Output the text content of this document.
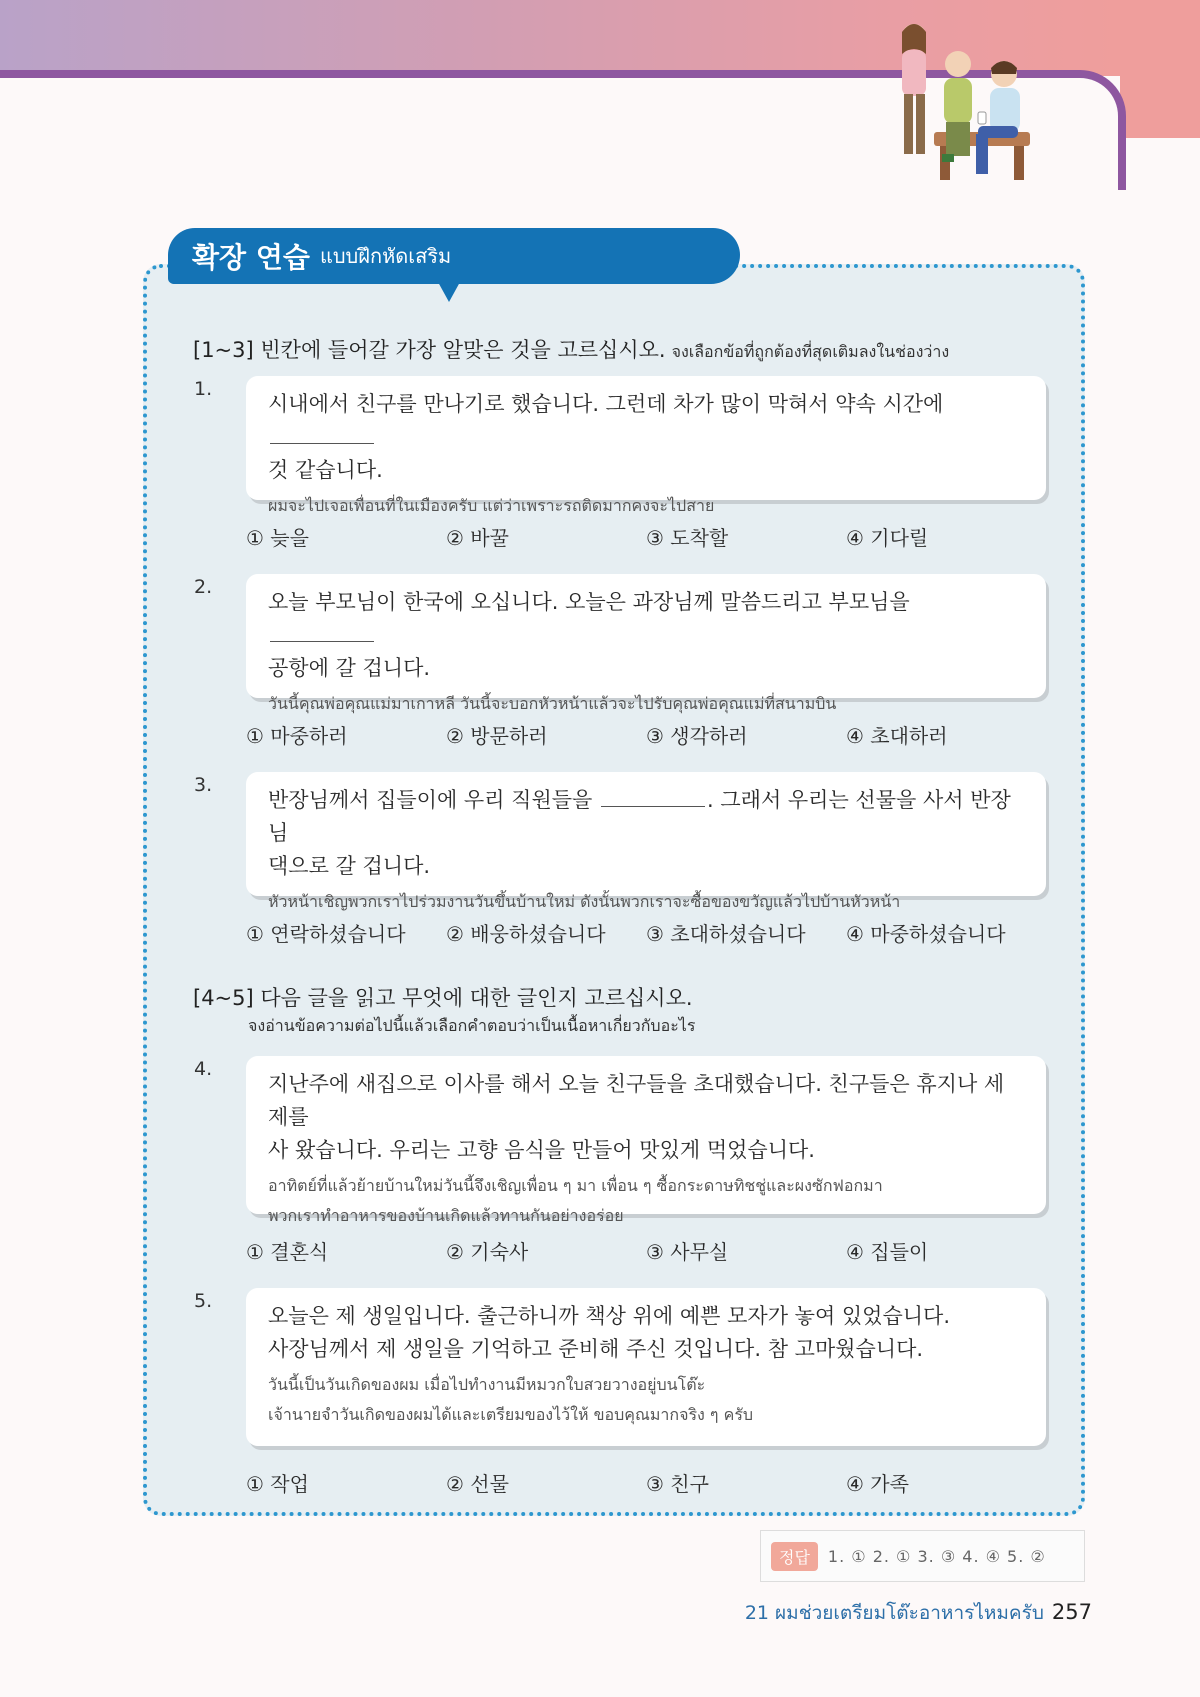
확장 연습 แบบฝึกหัดเสริม
[1~3] 빈칸에 들어갈 가장 알맞은 것을 고르십시오. จงเลือกข้อที่ถูกต้องที่สุดเติมลงในช่องว่าง
1.
시내에서 친구를 만나기로 했습니다. 그런데 차가 많이 막혀서 약속 시간에
것 같습니다.
ผมจะไปเจอเพื่อนที่ในเมืองครับ แต่ว่าเพราะรถติดมากคงจะไปสาย
① 늦을	② 바꿀	③ 도착할	④ 기다릴
2.
오늘 부모님이 한국에 오십니다. 오늘은 과장님께 말씀드리고 부모님을
공항에 갈 겁니다.
วันนี้คุณพ่อคุณแม่มาเกาหลี วันนี้จะบอกหัวหน้าแล้วจะไปรับคุณพ่อคุณแม่ที่สนามบิน
① 마중하러	② 방문하러	③ 생각하러	④ 초대하러
3.
반장님께서 집들이에 우리 직원들을	. 그래서 우리는 선물을 사서 반장님
댁으로 갈 겁니다.
หัวหน้าเชิญพวกเราไปร่วมงานวันขึ้นบ้านใหม่ ดังนั้นพวกเราจะซื้อของขวัญแล้วไปบ้านหัวหน้า
① 연락하셨습니다 ② 배웅하셨습니다 ③ 초대하셨습니다 ④ 마중하셨습니다
[4~5] 다음 글을 읽고 무엇에 대한 글인지 고르십시오.
จงอ่านข้อความต่อไปนี้แล้วเลือกคำตอบว่าเป็นเนื้อหาเกี่ยวกับอะไร
4.
지난주에 새집으로 이사를 해서 오늘 친구들을 초대했습니다. 친구들은 휴지나 세제를
사 왔습니다. 우리는 고향 음식을 만들어 맛있게 먹었습니다.
อาทิตย์ที่แล้วย้ายบ้านใหม่วันนี้จึงเชิญเพื่อน ๆ มา เพื่อน ๆ ซื้อกระดาษทิชชู่และผงซักฟอกมา
พวกเราทำอาหารของบ้านเกิดแล้วทานกันอย่างอร่อย
① 결혼식	② 기숙사	③ 사무실	④ 집들이
5.
오늘은 제 생일입니다. 출근하니까 책상 위에 예쁜 모자가 놓여 있었습니다.
사장님께서 제 생일을 기억하고 준비해 주신 것입니다. 참 고마웠습니다.
วันนี้เป็นวันเกิดของผม เมื่อไปทำงานมีหมวกใบสวยวางอยู่บนโต๊ะ
เจ้านายจำวันเกิดของผมได้และเตรียมของไว้ให้ ขอบคุณมากจริง ๆ ครับ
① 작업	② 선물	③ 친구	④ 가족
정답	1. ① 2. ① 3. ③ 4. ④ 5. ②
21 ผมช่วยเตรียมโต๊ะอาหารไหมครับ 257
